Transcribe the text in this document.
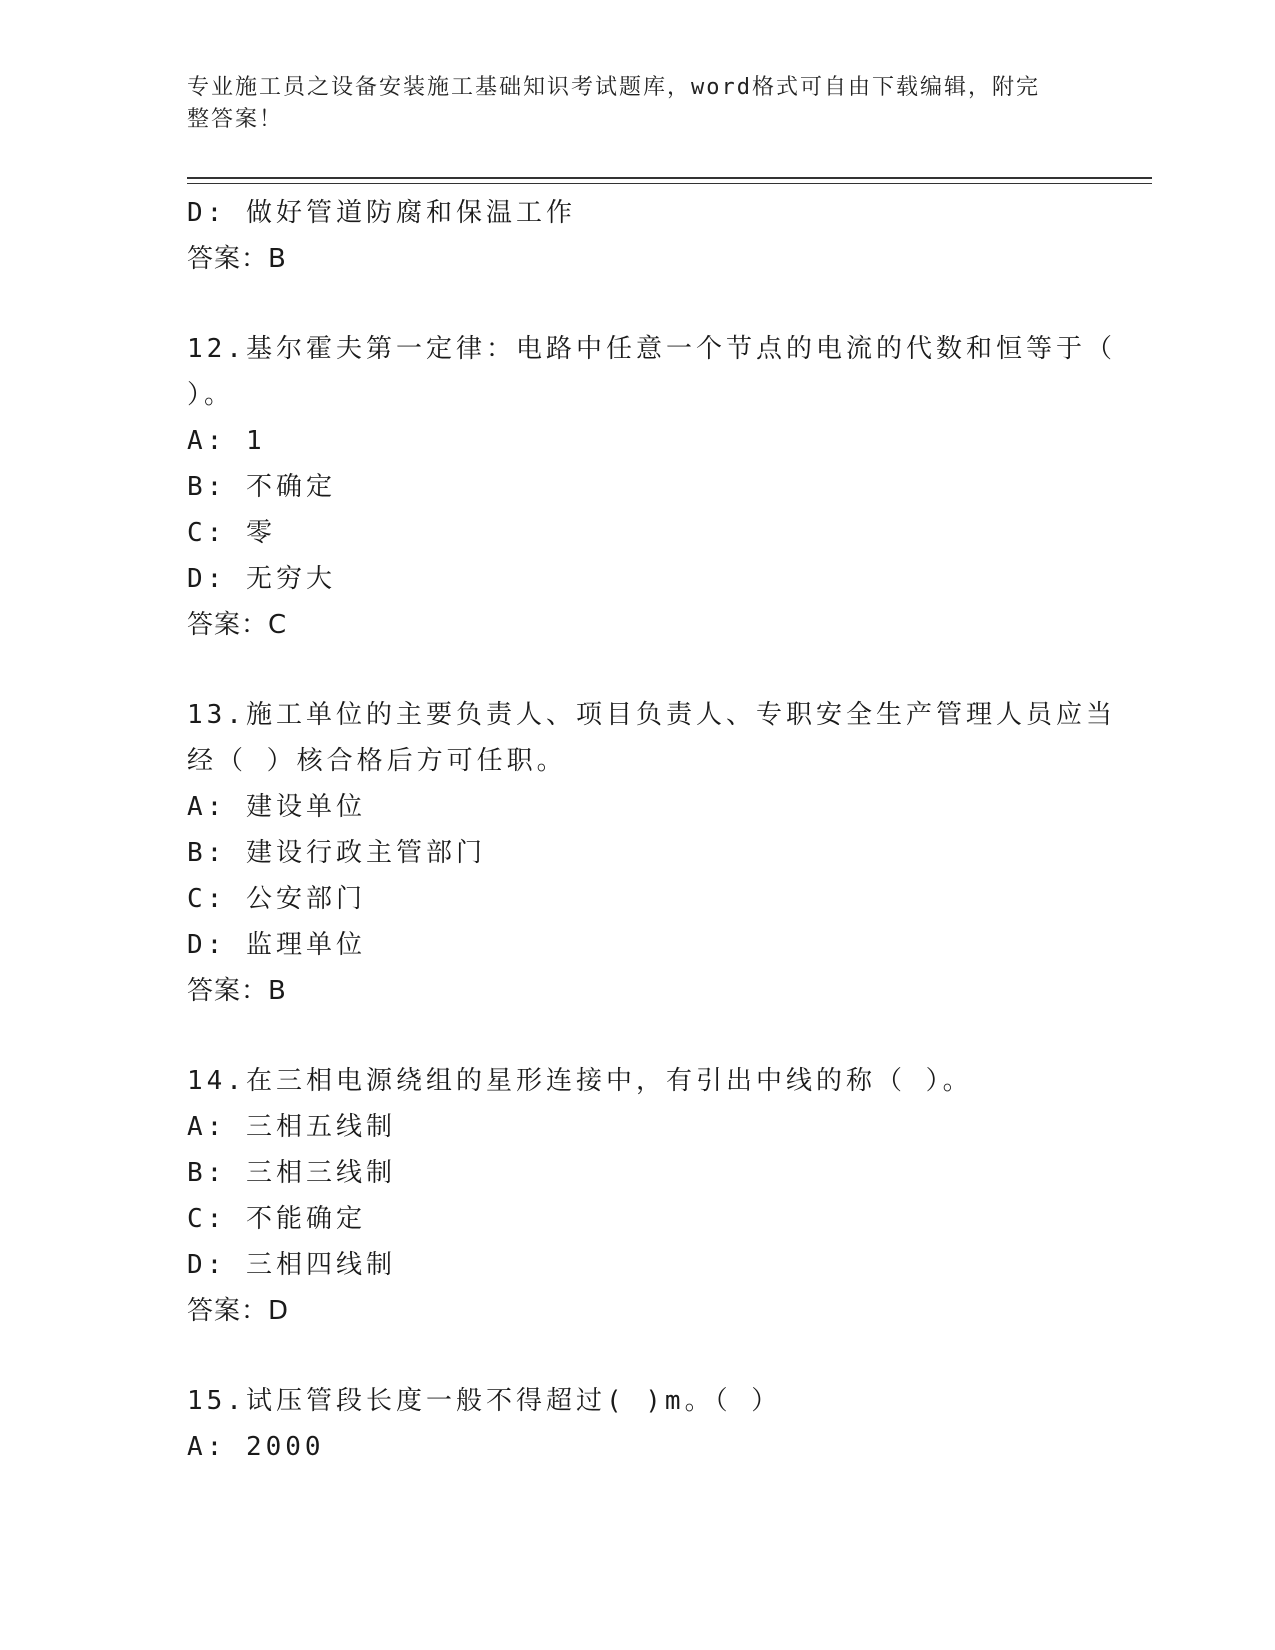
专业施工员之设备安装施工基础知识考试题库，word格式可自由下载编辑，附完
整答案！
D: 做好管道防腐和保温工作
答案：B
12.基尔霍夫第一定律：电路中任意一个节点的电流的代数和恒等于（
）。
A: 1
B: 不确定
C: 零
D: 无穷大
答案：C
13.施工单位的主要负责人、项目负责人、专职安全生产管理人员应当
经（ ）核合格后方可任职。
A: 建设单位
B: 建设行政主管部门
C: 公安部门
D: 监理单位
答案：B
14.在三相电源绕组的星形连接中，有引出中线的称（ ）。
A: 三相五线制
B: 三相三线制
C: 不能确定
D: 三相四线制
答案：D
15.试压管段长度一般不得超过( )m。（ ）
A: 2000
